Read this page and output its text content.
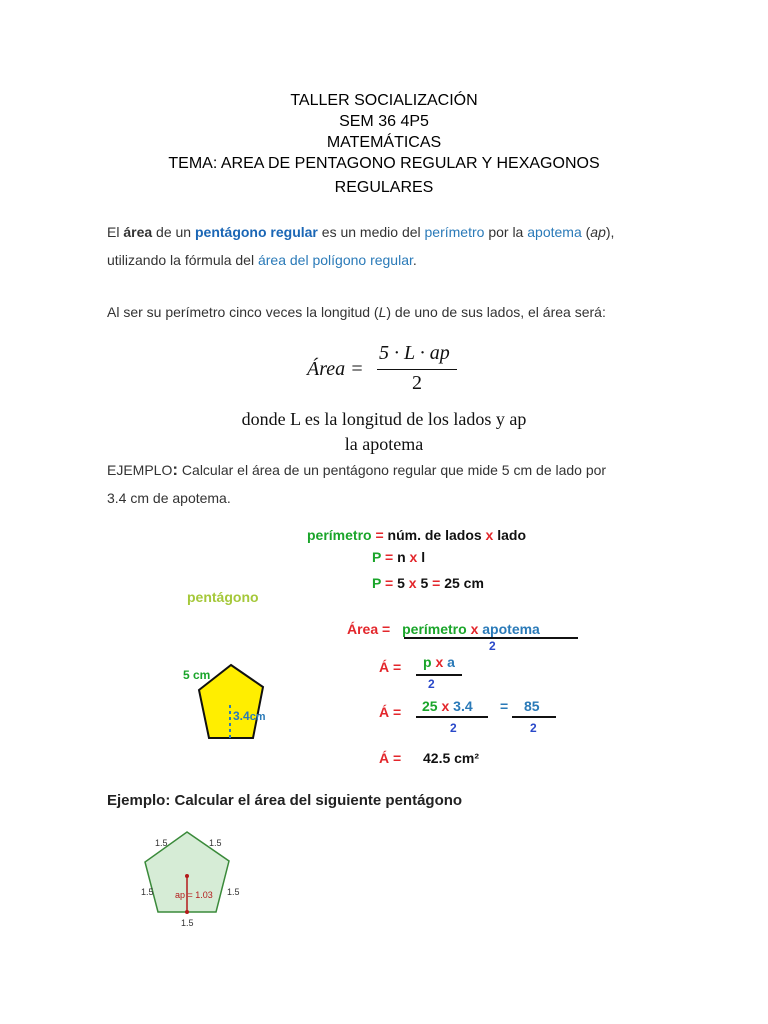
TALLER SOCIALIZACIÓN
SEM 36 4P5
MATEMÁTICAS
TEMA: AREA DE PENTAGONO REGULAR Y HEXAGONOS
REGULARES
El área de un pentágono regular es un medio del perímetro por la apotema (ap),
utilizando la fórmula del área del polígono regular.
Al ser su perímetro cinco veces la longitud (L) de uno de sus lados, el área será:
Área =
5 · L · ap
2
donde L es la longitud de los lados y ap
la apotema
EJEMPLO: Calcular el área de un pentágono regular que mide 5 cm de lado por
3.4 cm de apotema.
perímetro = núm. de lados x lado
P = n x l
P = 5 x 5 = 25 cm
pentágono
Área = perímetro x apotema
2
Á = p x a
2
Á = 25 x 3.4
2
= 85
2
Á = 42.5 cm²
5 cm
3.4cm
Ejemplo: Calcular el área del siguiente pentágono
1.5	1.5
1.5	1.5
1.5
ap = 1.03
